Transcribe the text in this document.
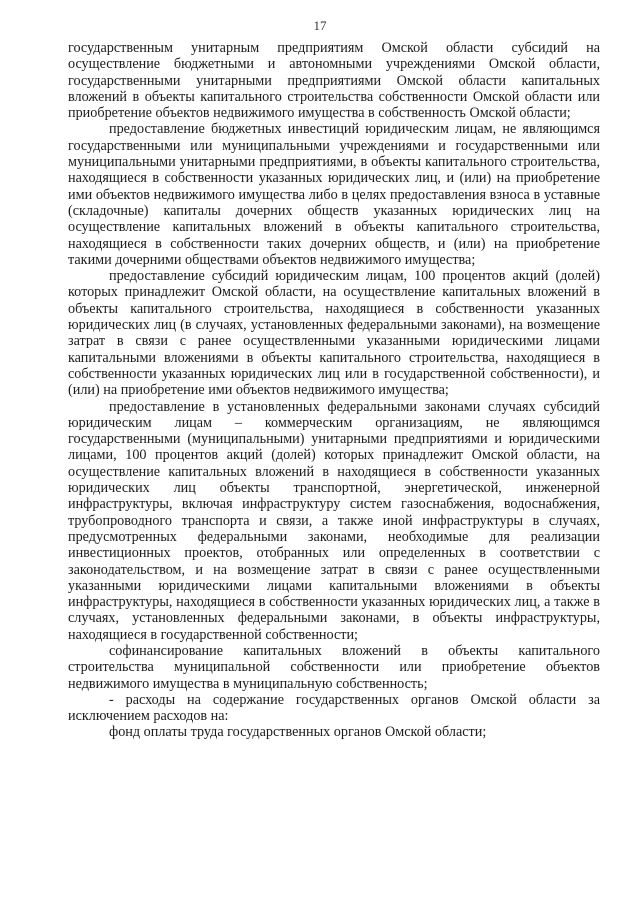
17

государственным унитарным предприятиям Омской области субсидий на осуществление бюджетными и автономными учреждениями Омской области, государственными унитарными предприятиями Омской области капитальных вложений в объекты капитального строительства собственности Омской области или приобретение объектов недвижимого имущества в собственность Омской области;

предоставление бюджетных инвестиций юридическим лицам, не являющимся государственными или муниципальными учреждениями и государственными или муниципальными унитарными предприятиями, в объекты капитального строительства, находящиеся в собственности указанных юридических лиц, и (или) на приобретение ими объектов недвижимого имущества либо в целях предоставления взноса в уставные (складочные) капиталы дочерних обществ указанных юридических лиц на осуществление капитальных вложений в объекты капитального строительства, находящиеся в собственности таких дочерних обществ, и (или) на приобретение такими дочерними обществами объектов недвижимого имущества;

предоставление субсидий юридическим лицам, 100 процентов акций (долей) которых принадлежит Омской области, на осуществление капитальных вложений в объекты капитального строительства, находящиеся в собственности указанных юридических лиц (в случаях, установленных федеральными законами), на возмещение затрат в связи с ранее осуществленными указанными юридическими лицами капитальными вложениями в объекты капитального строительства, находящиеся в собственности указанных юридических лиц или в государственной собственности), и (или) на приобретение ими объектов недвижимого имущества;

предоставление в установленных федеральными законами случаях субсидий юридическим лицам – коммерческим организациям, не являющимся государственными (муниципальными) унитарными предприятиями и юридическими лицами, 100 процентов акций (долей) которых принадлежит Омской области, на осуществление капитальных вложений в находящиеся в собственности указанных юридических лиц объекты транспортной, энергетической, инженерной инфраструктуры, включая инфраструктуру систем газоснабжения, водоснабжения, трубопроводного транспорта и связи, а также иной инфраструктуры в случаях, предусмотренных федеральными законами, необходимые для реализации инвестиционных проектов, отобранных или определенных в соответствии с законодательством, и на возмещение затрат в связи с ранее осуществленными указанными юридическими лицами капитальными вложениями в объекты инфраструктуры, находящиеся в собственности указанных юридических лиц, а также в случаях, установленных федеральными законами, в объекты инфраструктуры, находящиеся в государственной собственности;

софинансирование капитальных вложений в объекты капитального строительства муниципальной собственности или приобретение объектов недвижимого имущества в муниципальную собственность;

- расходы на содержание государственных органов Омской области за исключением расходов на:

фонд оплаты труда государственных органов Омской области;
